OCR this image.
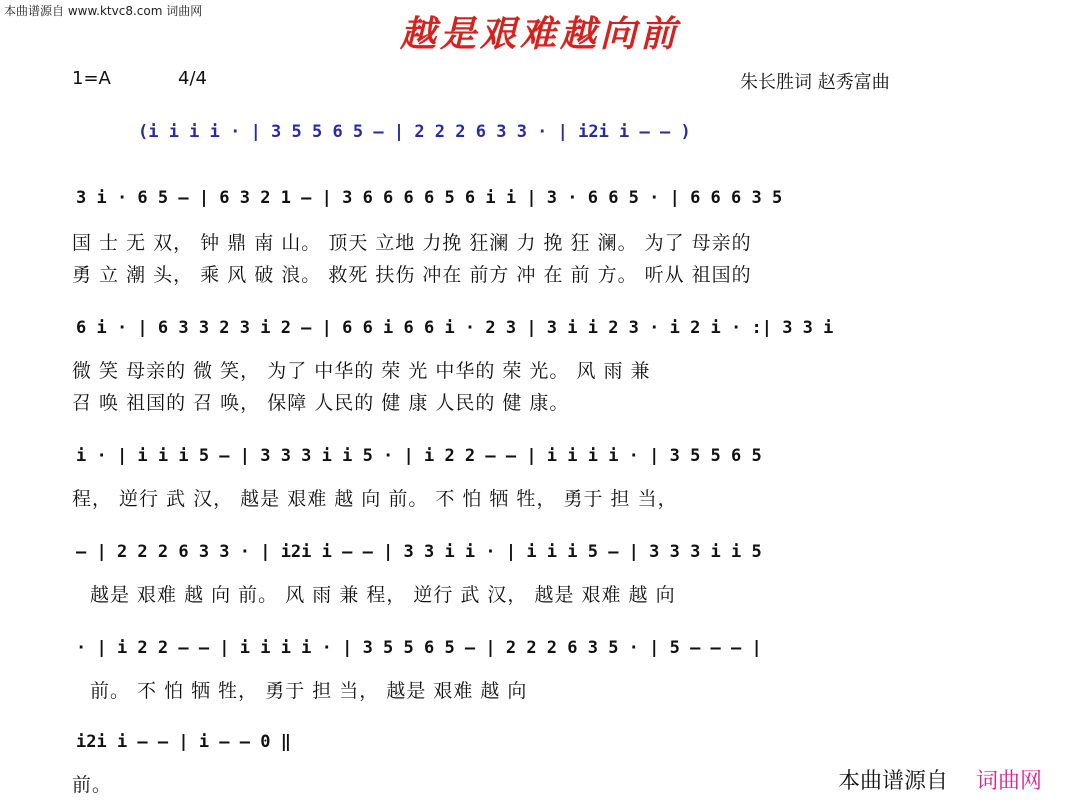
本曲谱源自 www.ktvc8.com 词曲网
越是艰难越向前
1=A	4/4	朱长胜词 赵秀富曲
(i i i i · | 3 5 5 6 5 — | 2 2 2 6 3 3 · | i2i i — — )
3 i · 6 5 — | 6 3 2 1 — | 3 6 6 6 6 5 6 i i | 3 · 6 6 5 · | 6 6 6 3 5
国 士 无 双， 钟 鼎 南 山。 顶天 立地 力挽 狂澜 力 挽 狂 澜。 为了 母亲的
勇 立 潮 头， 乘 风 破 浪。 救死 扶伤 冲在 前方 冲 在 前 方。 听从 祖国的
6 i · | 6 3 3 2 3 i 2 — | 6 6 i 6 6 i · 2 3 | 3 i i 2 3 · i 2 i · :| 3 3 i
微 笑 母亲的 微 笑， 为了 中华的 荣 光 中华的 荣 光。 风 雨 兼
召 唤 祖国的 召 唤， 保障 人民的 健 康 人民的 健 康。
i · | i i i 5 — | 3 3 3 i i 5 · | i 2 2 — — | i i i i · | 3 5 5 6 5
程， 逆行 武 汉， 越是 艰难 越 向 前。 不 怕 牺 牲， 勇于 担 当，
— | 2 2 2 6 3 3 · | i2i i — — | 3 3 i i · | i i i 5 — | 3 3 3 i i 5
越是 艰难 越 向 前。 风 雨 兼 程， 逆行 武 汉， 越是 艰难 越 向
· | i 2 2 — — | i i i i · | 3 5 5 6 5 — | 2 2 2 6 3 5 · | 5 — — — |
前。 不 怕 牺 牲， 勇于 担 当， 越是 艰难 越 向
i2i i — — | i — — 0 ‖
前。	本曲谱源自 词曲网
